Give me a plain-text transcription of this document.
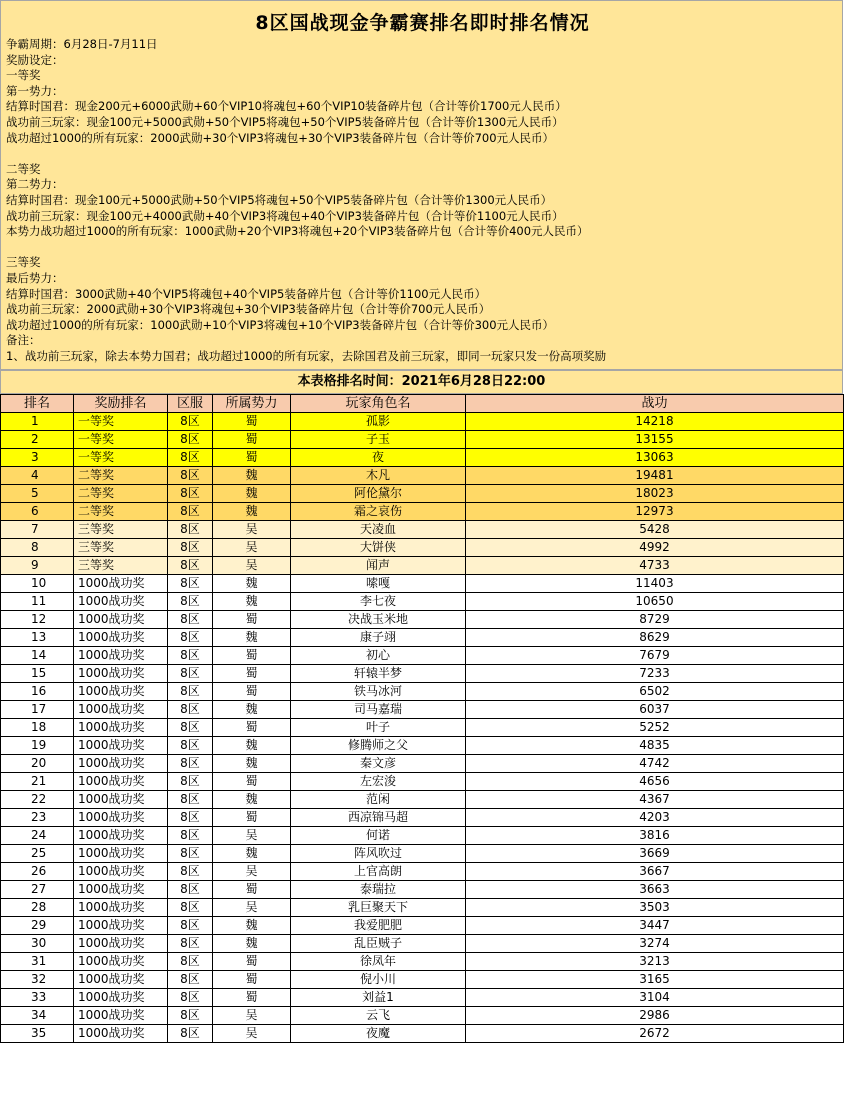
8区国战现金争霸赛排名即时排名情况
争霸周期：6月28日-7月11日
奖励设定：
一等奖
第一势力：
结算时国君：现金200元+6000武勋+60个VIP10将魂包+60个VIP10装备碎片包（合计等价1700元人民币）
战功前三玩家：现金100元+5000武勋+50个VIP5将魂包+50个VIP5装备碎片包（合计等价1300元人民币）
战功超过1000的所有玩家：2000武勋+30个VIP3将魂包+30个VIP3装备碎片包（合计等价700元人民币）

二等奖
第二势力：
结算时国君：现金100元+5000武勋+50个VIP5将魂包+50个VIP5装备碎片包（合计等价1300元人民币）
战功前三玩家：现金100元+4000武勋+40个VIP3将魂包+40个VIP3装备碎片包（合计等价1100元人民币）
本势力战功超过1000的所有玩家：1000武勋+20个VIP3将魂包+20个VIP3装备碎片包（合计等价400元人民币）

三等奖
最后势力：
结算时国君：3000武勋+40个VIP5将魂包+40个VIP5装备碎片包（合计等价1100元人民币）
战功前三玩家：2000武勋+30个VIP3将魂包+30个VIP3装备碎片包（合计等价700元人民币）
战功超过1000的所有玩家：1000武勋+10个VIP3将魂包+10个VIP3装备碎片包（合计等价300元人民币）
备注：
1、战功前三玩家，除去本势力国君；战功超过1000的所有玩家，去除国君及前三玩家，即同一玩家只发一份高项奖励
本表格排名时间：2021年6月28日22:00
排名	奖励排名	区服	所属势力	玩家角色名	战功
1	一等奖	8区	蜀	孤影	14218
2	一等奖	8区	蜀	子玉	13155
3	一等奖	8区	蜀	夜	13063
4	二等奖	8区	魏	木凡	19481
5	二等奖	8区	魏	阿伦黛尔	18023
6	二等奖	8区	魏	霜之哀伤	12973
7	三等奖	8区	吴	天凌血	5428
8	三等奖	8区	吴	大饼侠	4992
9	三等奖	8区	吴	闻声	4733
10	1000战功奖	8区	魏	嗦嘎	11403
11	1000战功奖	8区	魏	李七夜	10650
12	1000战功奖	8区	蜀	决战玉米地	8729
13	1000战功奖	8区	魏	康子翊	8629
14	1000战功奖	8区	蜀	初心	7679
15	1000战功奖	8区	蜀	轩辕半梦	7233
16	1000战功奖	8区	蜀	铁马冰河	6502
17	1000战功奖	8区	魏	司马嘉瑞	6037
18	1000战功奖	8区	蜀	叶子	5252
19	1000战功奖	8区	魏	修腾师之父	4835
20	1000战功奖	8区	魏	秦文彦	4742
21	1000战功奖	8区	蜀	左宏浚	4656
22	1000战功奖	8区	魏	范闲	4367
23	1000战功奖	8区	蜀	西凉锦马超	4203
24	1000战功奖	8区	吴	何诺	3816
25	1000战功奖	8区	魏	阵风吹过	3669
26	1000战功奖	8区	吴	上官高朗	3667
27	1000战功奖	8区	蜀	泰瑞拉	3663
28	1000战功奖	8区	吴	乳巨聚天下	3503
29	1000战功奖	8区	魏	我爱肥肥	3447
30	1000战功奖	8区	魏	乱臣贼子	3274
31	1000战功奖	8区	蜀	徐凤年	3213
32	1000战功奖	8区	蜀	倪小川	3165
33	1000战功奖	8区	蜀	刘益1	3104
34	1000战功奖	8区	吴	云飞	2986
35	1000战功奖	8区	吴	夜魔	2672
